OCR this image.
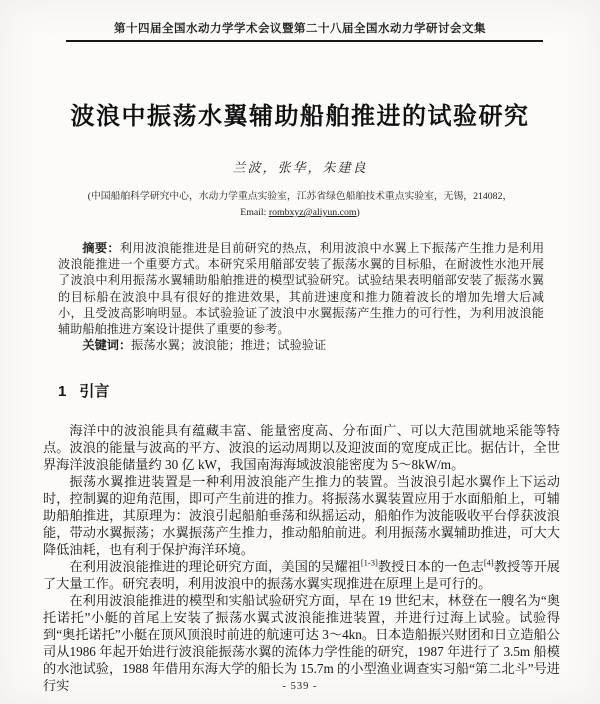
第十四届全国水动力学学术会议暨第二十八届全国水动力学研讨会文集
波浪中振荡水翼辅助船舶推进的试验研究
兰波，张华，朱建良
(中国船舶科学研究中心，水动力学重点实验室，江苏省绿色船舶技术重点实验室，无锡，214082，
Email: rombxyz@aliyun.com)

摘要：利用波浪能推进是目前研究的热点，利用波浪中水翼上下振荡产生推力是利用波浪能推进一个重要方式。本研究采用艏部安装了振荡水翼的目标船，在耐波性水池开展了波浪中利用振荡水翼辅助船舶推进的模型试验研究。试验结果表明艏部安装了振荡水翼的目标船在波浪中具有很好的推进效果，其前进速度和推力随着波长的增加先增大后减小，且受波高影响明显。本试验验证了波浪中水翼振荡产生推力的可行性，为利用波浪能辅助船舶推进方案设计提供了重要的参考。

关键词：振荡水翼；波浪能；推进；试验验证

1 引言

海洋中的波浪能具有蕴藏丰富、能量密度高、分布面广、可以大范围就地采能等特点。波浪的能量与波高的平方、波浪的运动周期以及迎波面的宽度成正比。据估计，全世界海洋波浪能储量约 30 亿 kW，我国南海海域波浪能密度为 5～8kW/m。

振荡水翼推进装置是一种利用波浪能产生推力的装置。当波浪引起水翼作上下运动时，控制翼的迎角范围，即可产生前进的推力。将振荡水翼装置应用于水面船舶上，可辅助船舶推进，其原理为：波浪引起船舶垂荡和纵摇运动，船舶作为波能吸收平台俘获波浪能，带动水翼振荡；水翼振荡产生推力，推动船舶前进。利用振荡水翼辅助推进，可大大降低油耗，也有利于保护海洋环境。

在利用波浪能推进的理论研究方面，美国的吴耀祖[1-3]教授日本的一色志[4]教授等开展了大量工作。研究表明，利用波浪中的振荡水翼实现推进在原理上是可行的。

在利用波浪能推进的模型和实船试验研究方面，早在 19 世纪末，林登在一艘名为“奥托诺托”小艇的首尾上安装了振荡水翼式波浪能推进装置，并进行过海上试验。试验得到“奥托诺托”小艇在顶风顶浪时前进的航速可达 3～4kn。日本造船振兴财团和日立造船公司从1986 年起开始进行波浪能振荡水翼的流体力学性能的研究，1987 年进行了 3.5m 船模的水池试验，1988 年借用东海大学的船长为 15.7m 的小型渔业调查实习船“第二北斗”号进行实	- 539 -
